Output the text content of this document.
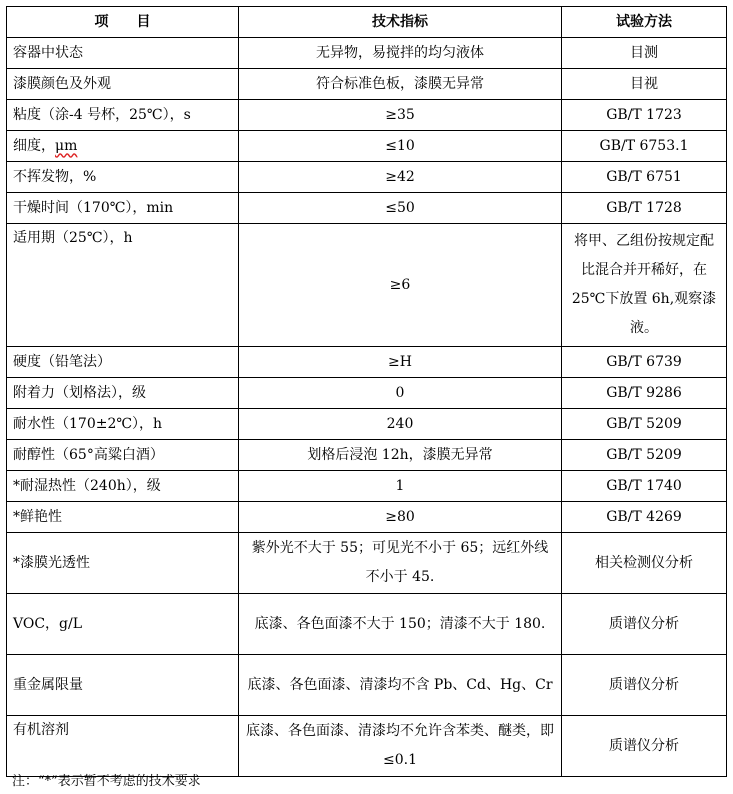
项　　目	技术指标	试验方法
容器中状态	无异物，易搅拌的均匀液体	目测
漆膜颜色及外观	符合标准色板，漆膜无异常	目视
粘度（涂-4 号杯，25℃），s	≥35	GB/T 1723
细度，μm	≤10	GB/T 6753.1
不挥发物，%	≥42	GB/T 6751
干燥时间（170℃），min	≤50	GB/T 1728
适用期（25℃），h	≥6	将甲、乙组份按规定配比混合并开稀好，在 25℃下放置 6h,观察漆液。
硬度（铅笔法）	≥H	GB/T 6739
附着力（划格法），级	0	GB/T 9286
耐水性（170±2℃），h	240	GB/T 5209
耐醇性（65°高粱白酒）	划格后浸泡 12h，漆膜无异常	GB/T 5209
*耐湿热性（240h），级	1	GB/T 1740
*鲜艳性	≥80	GB/T 4269
*漆膜光透性	紫外光不大于 55；可见光不小于 65；远红外线不小于 45.	相关检测仪分析
VOC，g/L	底漆、各色面漆不大于 150；清漆不大于 180.	质谱仪分析
重金属限量	底漆、各色面漆、清漆均不含 Pb、Cd、Hg、Cr	质谱仪分析
有机溶剂	底漆、各色面漆、清漆均不允许含苯类、醚类，即≤0.1	质谱仪分析
注：“*”表示暂不考虑的技术要求
